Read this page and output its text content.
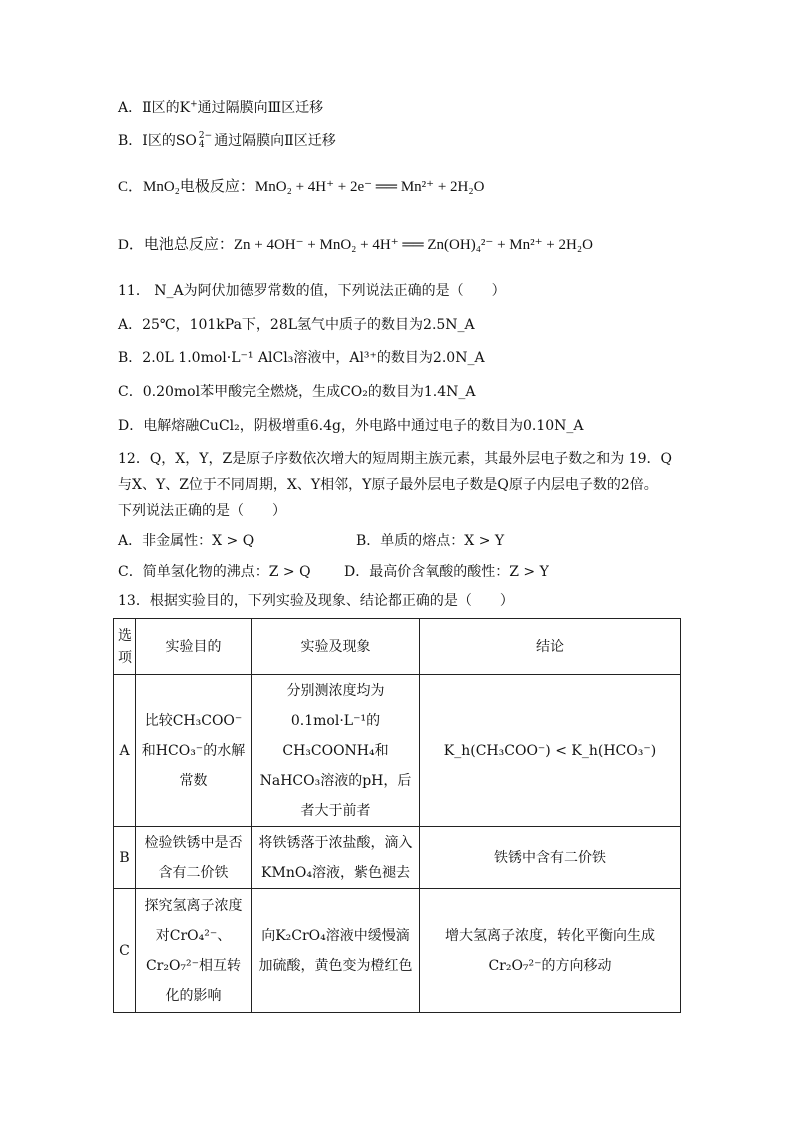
A．Ⅱ区的K+通过隔膜向Ⅲ区迁移
B．Ⅰ区的SO 2−
4 通过隔膜向Ⅱ区迁移
C．MnO₂电极反应：MnO₂ + 4H⁺ + 2e⁻ ══ Mn²⁺ + 2H₂O
D．电池总反应：Zn + 4OH⁻ + MnO₂ + 4H⁺ ══ Zn(OH)₄²⁻ + Mn²⁺ + 2H₂O
11． N_A为阿伏加德罗常数的值，下列说法正确的是（　　）
A．25℃，101kPa下，28L氢气中质子的数目为2.5N_A
B．2.0L 1.0mol·L⁻¹ AlCl₃溶液中，Al³⁺的数目为2.0N_A
C．0.20mol苯甲酸完全燃烧，生成CO₂的数目为1.4N_A
D．电解熔融CuCl₂，阴极增重6.4g，外电路中通过电子的数目为0.10N_A
12．Q，X，Y，Z是原子序数依次增大的短周期主族元素，其最外层电子数之和为 19．Q
与X、Y、Z位于不同周期，X、Y相邻，Y原子最外层电子数是Q原子内层电子数的2倍。
下列说法正确的是（　　）
A．非金属性：X > Q	B．单质的熔点：X > Y
C．简单氢化物的沸点：Z > Q D．最高价含氧酸的酸性：Z > Y
13．根据实验目的，下列实验及现象、结论都正确的是（　　）
选项	实验目的	实验及现象	结论
A	比较CH₃COO⁻和HCO₃⁻的水解常数	分别测浓度均为0.1mol·L⁻¹的CH₃COONH₄和NaHCO₃溶液的pH，后者大于前者	K_h(CH₃COO⁻) < K_h(HCO₃⁻)
B	检验铁锈中是否含有二价铁	将铁锈落于浓盐酸，滴入KMnO₄溶液，紫色褪去	铁锈中含有二价铁
C	探究氢离子浓度对CrO₄²⁻、Cr₂O₇²⁻相互转化的影响	向K₂CrO₄溶液中缓慢滴加硫酸，黄色变为橙红色	增大氢离子浓度，转化平衡向生成Cr₂O₇²⁻的方向移动
